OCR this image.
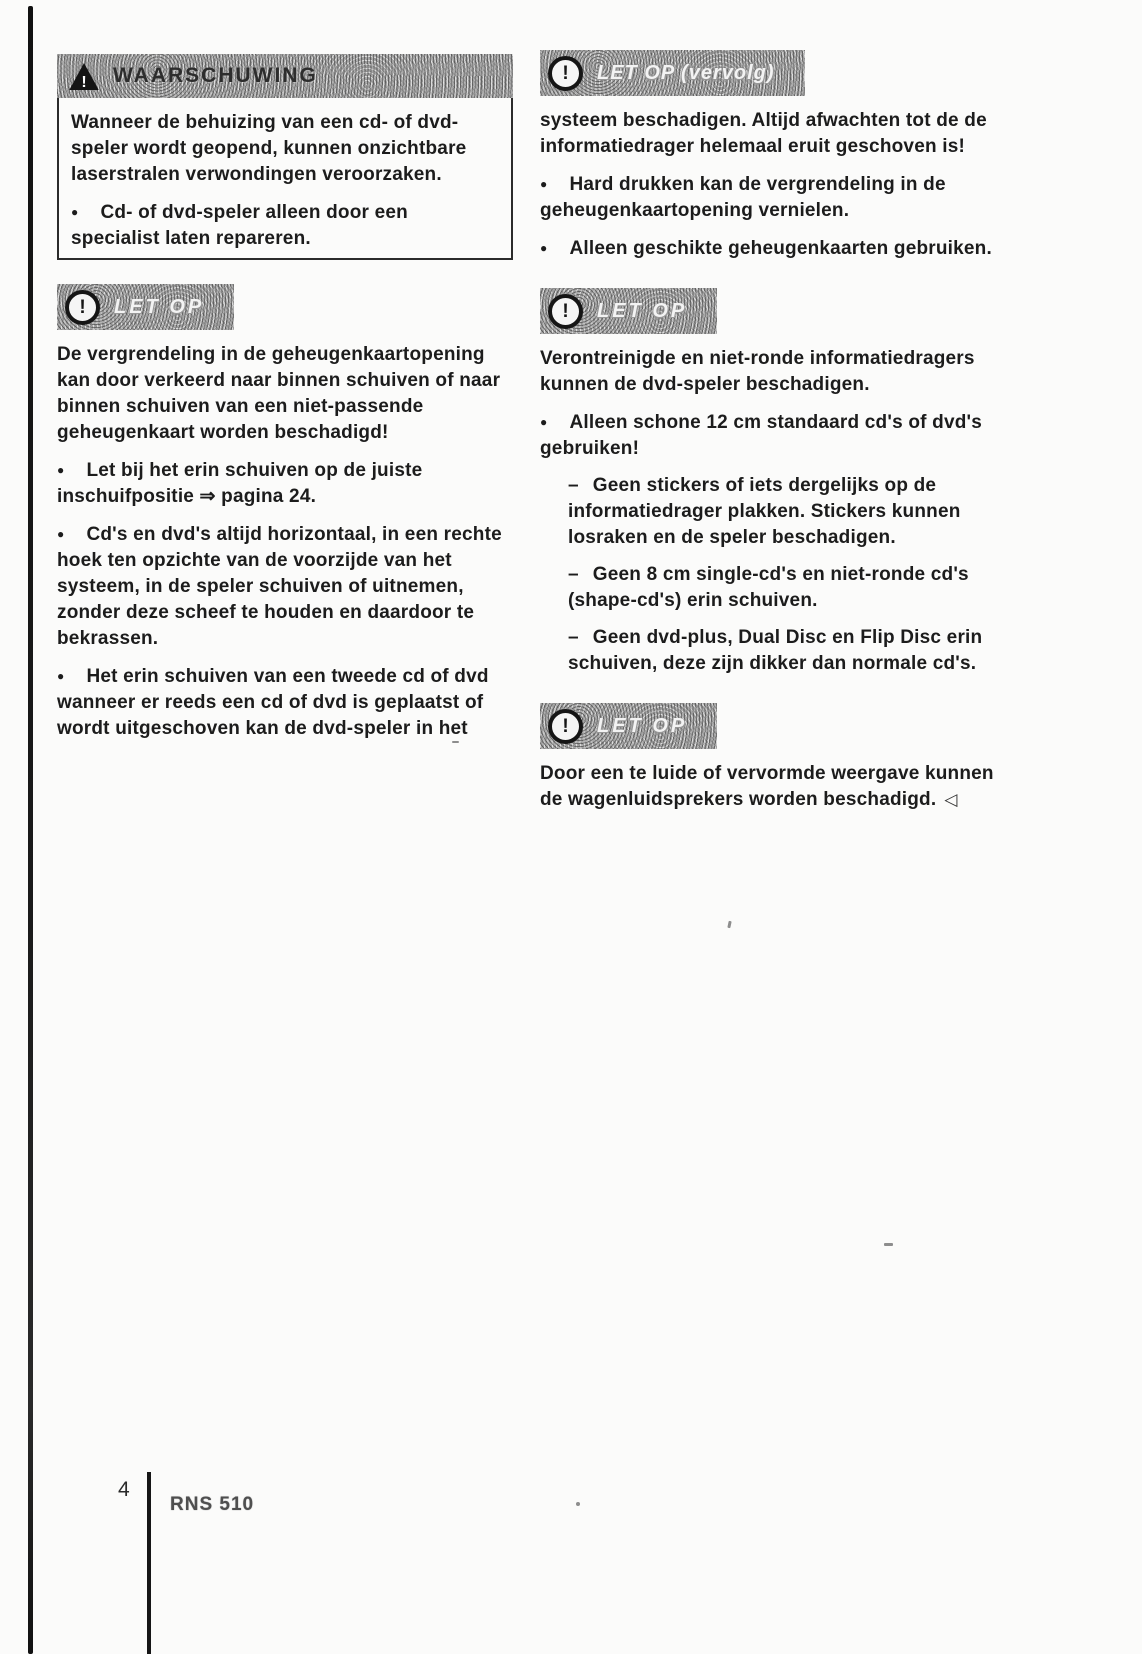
! WAARSCHUWING

Wanneer de behuizing van een cd- of dvd-speler wordt geopend, kunnen onzichtbare laserstralen verwondingen veroorzaken.

● Cd- of dvd-speler alleen door een specialist laten repareren.

!	LET OP

De vergrendeling in de geheugenkaartopening kan door verkeerd naar binnen schuiven of naar binnen schuiven van een niet-passende geheugenkaart worden beschadigd!

● Let bij het erin schuiven op de juiste inschuifpositie ⇒ pagina 24.

● Cd's en dvd's altijd horizontaal, in een rechte hoek ten opzichte van de voorzijde van het systeem, in de speler schuiven of uitnemen, zonder deze scheef te houden en daardoor te bekrassen.

● Het erin schuiven van een tweede cd of dvd wanneer er reeds een cd of dvd is geplaatst of wordt uitgeschoven kan de dvd-speler in het

!	LET OP (vervolg)

systeem beschadigen. Altijd afwachten tot de de informatiedrager helemaal eruit geschoven is!

● Hard drukken kan de vergrendeling in de geheugenkaartopening vernielen.

● Alleen geschikte geheugenkaarten gebruiken.

!	LET OP

Verontreinigde en niet-ronde informatiedragers kunnen de dvd-speler beschadigen.

● Alleen schone 12 cm standaard cd's of dvd's gebruiken!

– Geen stickers of iets dergelijks op de informatiedrager plakken. Stickers kunnen losraken en de speler beschadigen.

– Geen 8 cm single-cd's en niet-ronde cd's (shape-cd's) erin schuiven.

– Geen dvd-plus, Dual Disc en Flip Disc erin schuiven, deze zijn dikker dan normale cd's.

!	LET OP

Door een te luide of vervormde weergave kunnen de wagenluidsprekers worden beschadigd. ◁

4
RNS 510
